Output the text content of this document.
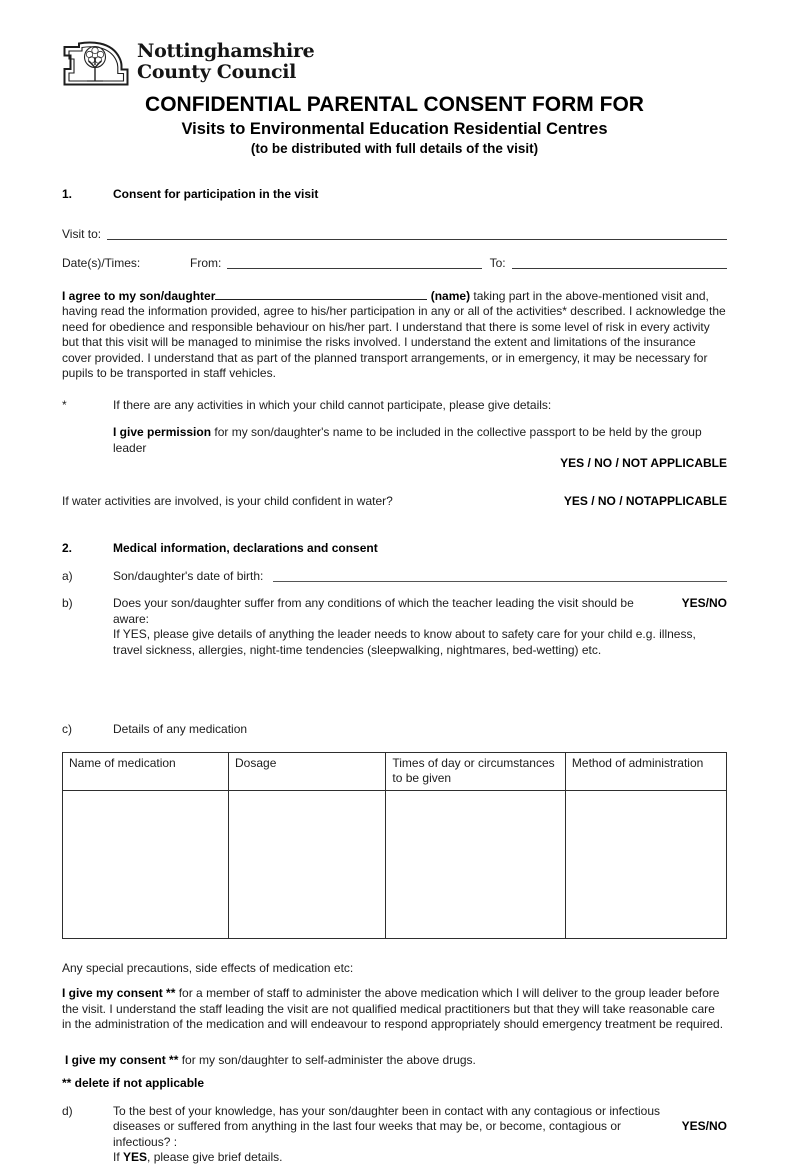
Nottinghamshire
County Council
CONFIDENTIAL PARENTAL CONSENT FORM FOR
Visits to Environmental Education Residential Centres
(to be distributed with full details of the visit)
1.	Consent for participation in the visit
Visit to:
Date(s)/Times:	From:	To:

I agree to my son/daughter	(name) taking part in the above-mentioned visit and, having read the information provided, agree to his/her participation in any or all of the activities* described. I acknowledge the need for obedience and responsible behaviour on his/her part. I understand that there is some level of risk in every activity but that this visit will be managed to minimise the risks involved. I understand the extent and limitations of the insurance cover provided. I understand that as part of the planned transport arrangements, or in emergency, it may be necessary for pupils to be transported in staff vehicles.

*	If there are any activities in which your child cannot participate, please give details:
I give permission for my son/daughter's name to be included in the collective passport to be held by the group leader
YES / NO / NOT APPLICABLE
If water activities are involved, is your child confident in water?	YES / NO / NOTAPPLICABLE
2.	Medical information, declarations and consent
a)	Son/daughter's date of birth:
b)	YES/NO
Does your son/daughter suffer from any conditions of which the teacher leading the visit should be aware:
If YES, please give details of anything the leader needs to know about to safety care for your child e.g. illness, travel sickness, allergies, night-time tendencies (sleepwalking, nightmares, bed-wetting) etc.
c)	Details of any medication
Name of medication	Dosage	Times of day or circumstances to be given	Method of administration

Any special precautions, side effects of medication etc:

I give my consent ** for a member of staff to administer the above medication which I will deliver to the group leader before the visit. I understand the staff leading the visit are not qualified medical practitioners but that they will take reasonable care in the administration of the medication and will endeavour to respond appropriately should emergency treatment be required.

I give my consent ** for my son/daughter to self-administer the above drugs.

** delete if not applicable
d)
YES/NO
To the best of your knowledge, has your son/daughter been in contact with any contagious or infectious diseases or suffered from anything in the last four weeks that may be, or become, contagious or infectious? :
If YES, please give brief details.
